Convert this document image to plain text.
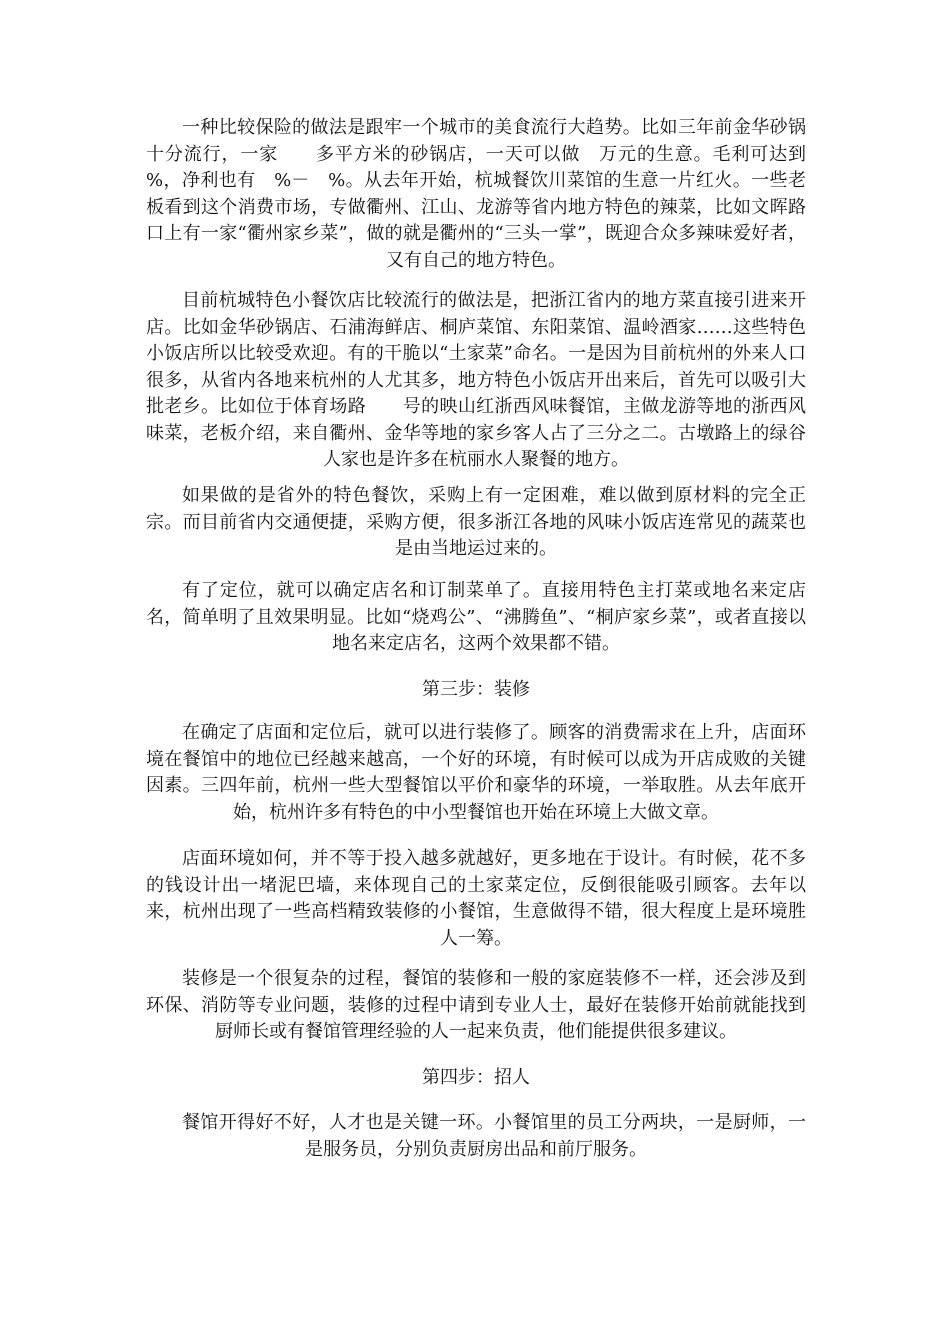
一种比较保险的做法是跟牢一个城市的美食流行大趋势。比如三年前金华砂锅十分流行，一家　　多平方米的砂锅店，一天可以做　万元的生意。毛利可达到　%，净利也有　%－　%。从去年开始，杭城餐饮川菜馆的生意一片红火。一些老板看到这个消费市场，专做衢州、江山、龙游等省内地方特色的辣菜，比如文晖路口上有一家“衢州家乡菜”，做的就是衢州的“三头一掌”，既迎合众多辣味爱好者，又有自己的地方特色。

目前杭城特色小餐饮店比较流行的做法是，把浙江省内的地方菜直接引进来开店。比如金华砂锅店、石浦海鲜店、桐庐菜馆、东阳菜馆、温岭酒家……这些特色小饭店所以比较受欢迎。有的干脆以“土家菜”命名。一是因为目前杭州的外来人口很多，从省内各地来杭州的人尤其多，地方特色小饭店开出来后，首先可以吸引大批老乡。比如位于体育场路　　号的映山红浙西风味餐馆，主做龙游等地的浙西风味菜，老板介绍，来自衢州、金华等地的家乡客人占了三分之二。古墩路上的绿谷人家也是许多在杭丽水人聚餐的地方。

如果做的是省外的特色餐饮，采购上有一定困难，难以做到原材料的完全正宗。而目前省内交通便捷，采购方便，很多浙江各地的风味小饭店连常见的蔬菜也是由当地运过来的。

有了定位，就可以确定店名和订制菜单了。直接用特色主打菜或地名来定店名，简单明了且效果明显。比如“烧鸡公”、“沸腾鱼”、“桐庐家乡菜”，或者直接以地名来定店名，这两个效果都不错。

第三步：装修

在确定了店面和定位后，就可以进行装修了。顾客的消费需求在上升，店面环境在餐馆中的地位已经越来越高，一个好的环境，有时候可以成为开店成败的关键因素。三四年前，杭州一些大型餐馆以平价和豪华的环境，一举取胜。从去年底开始，杭州许多有特色的中小型餐馆也开始在环境上大做文章。

店面环境如何，并不等于投入越多就越好，更多地在于设计。有时候，花不多的钱设计出一堵泥巴墙，来体现自己的土家菜定位，反倒很能吸引顾客。去年以来，杭州出现了一些高档精致装修的小餐馆，生意做得不错，很大程度上是环境胜人一筹。

装修是一个很复杂的过程，餐馆的装修和一般的家庭装修不一样，还会涉及到环保、消防等专业问题，装修的过程中请到专业人士，最好在装修开始前就能找到厨师长或有餐馆管理经验的人一起来负责，他们能提供很多建议。

第四步：招人

餐馆开得好不好，人才也是关键一环。小餐馆里的员工分两块，一是厨师，一是服务员，分别负责厨房出品和前厅服务。
